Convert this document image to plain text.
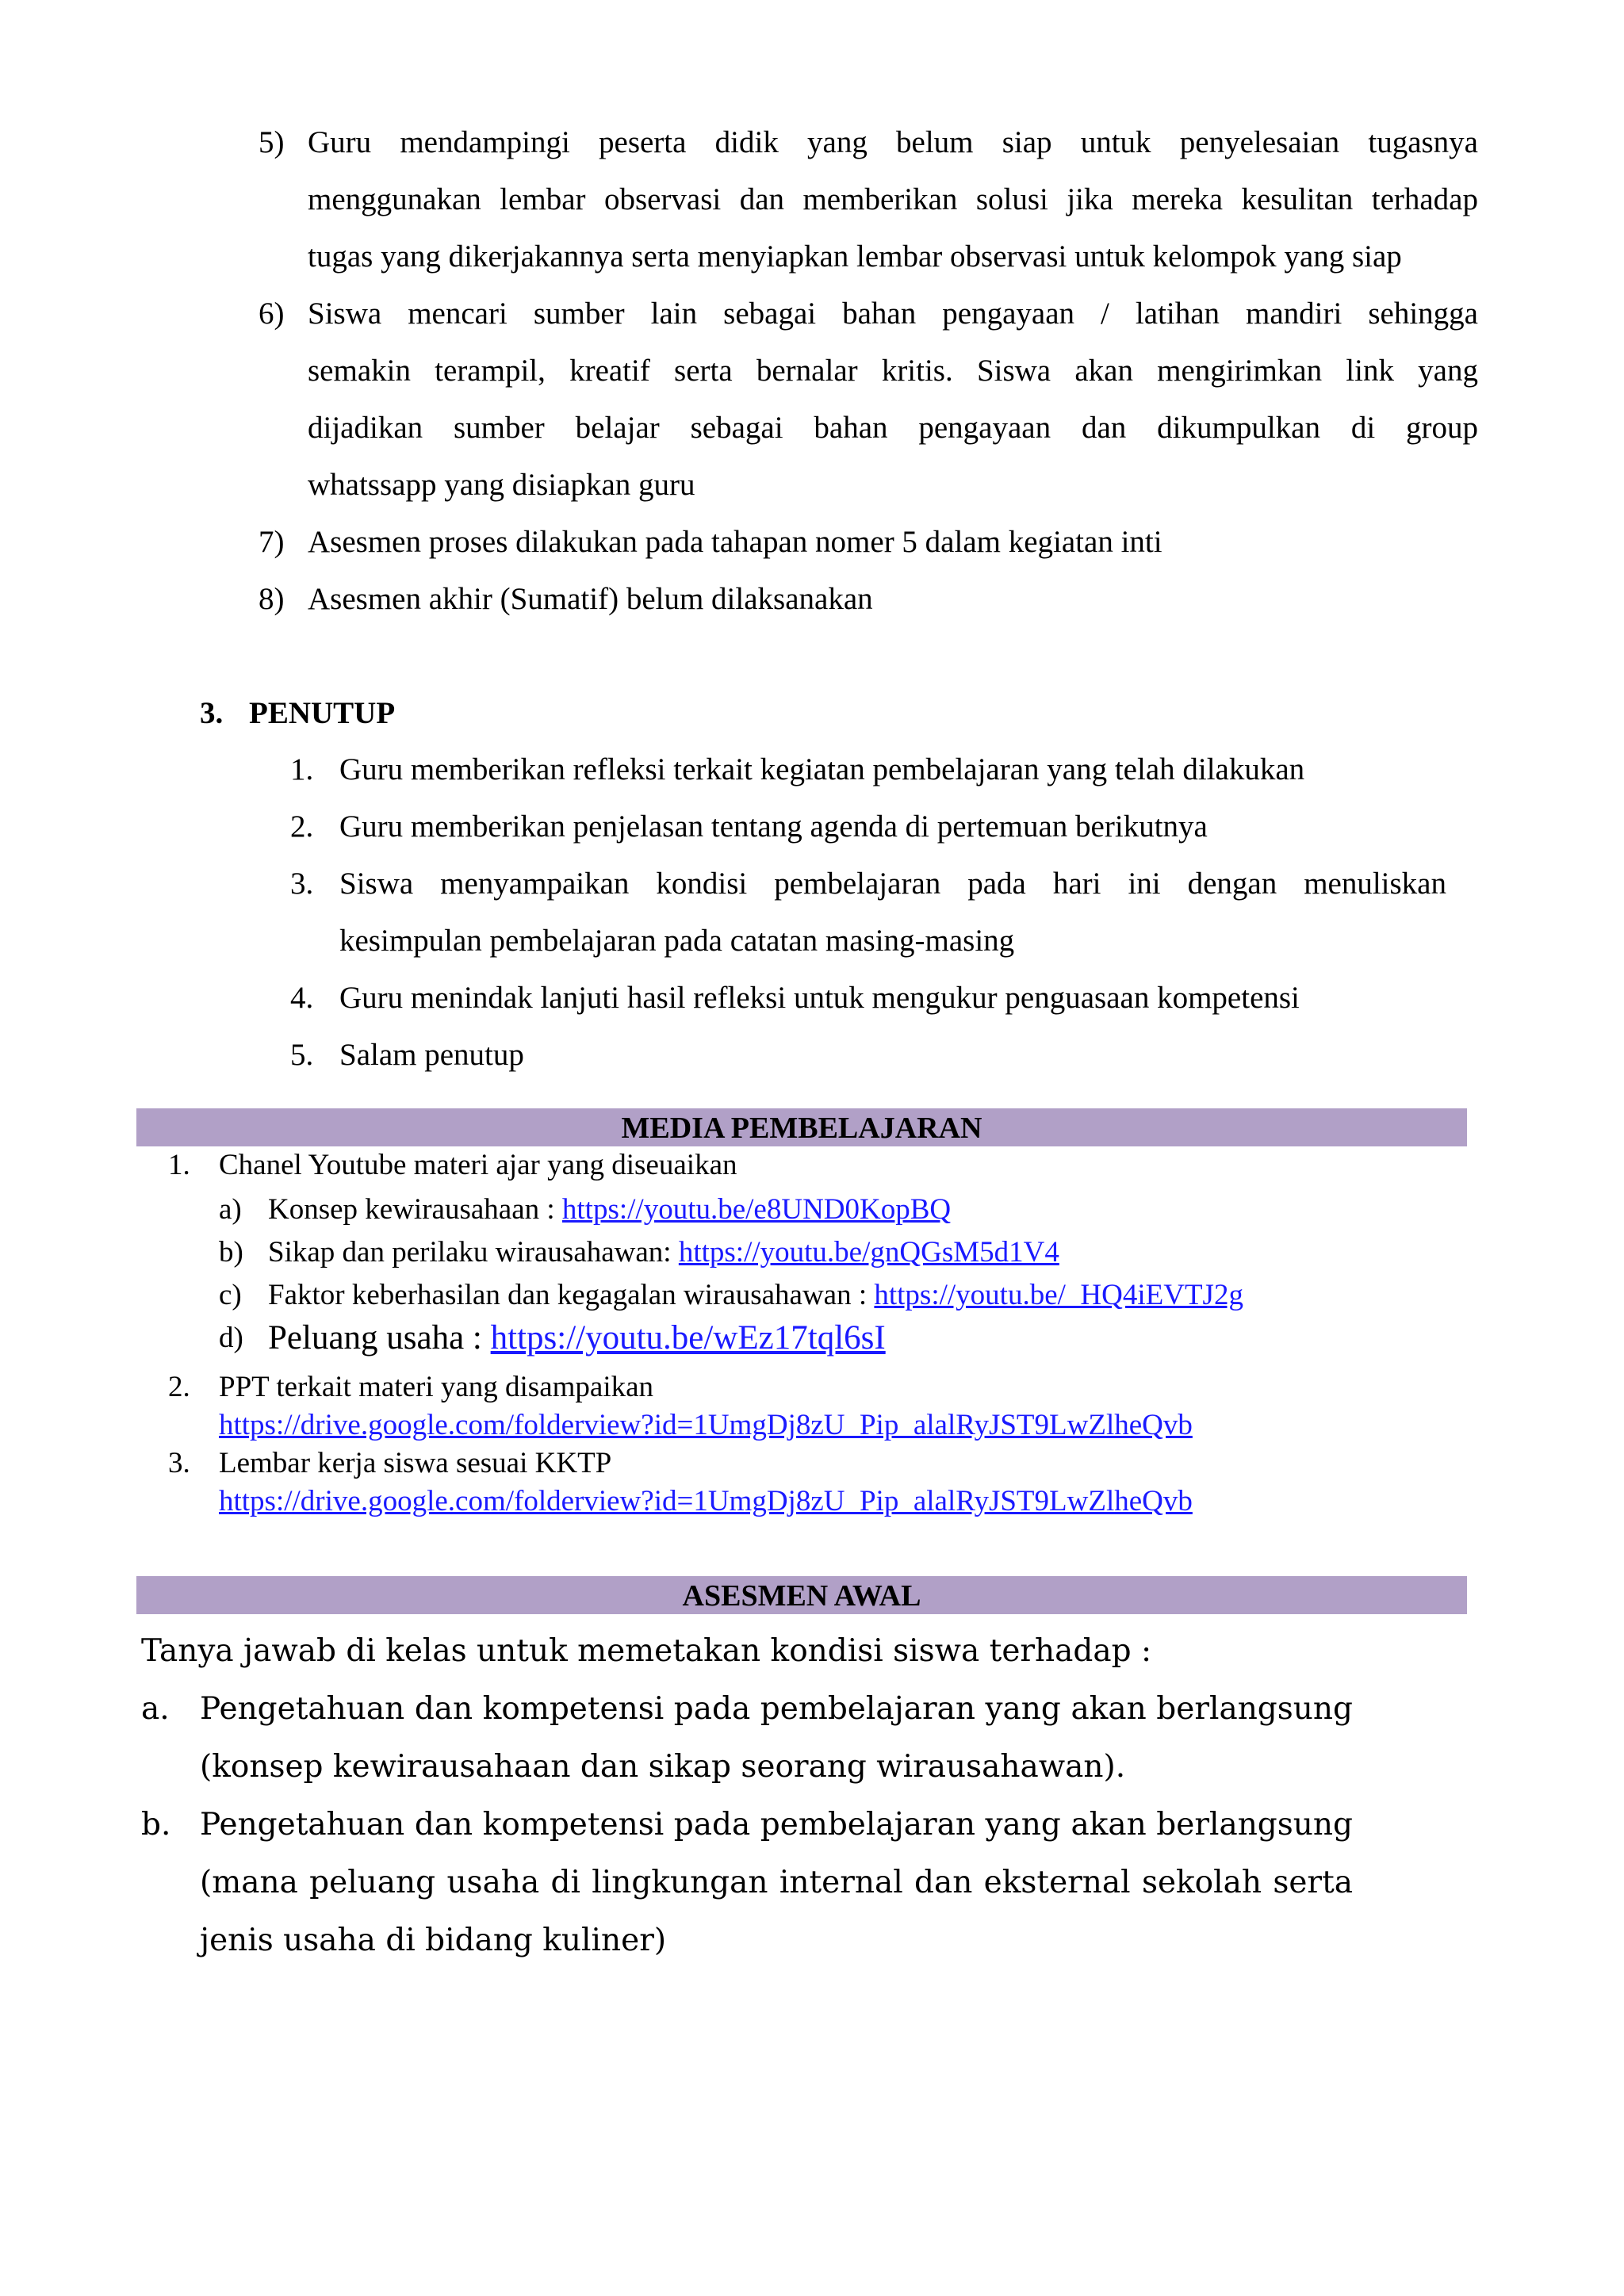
5) Guru mendampingi peserta didik yang belum siap untuk penyelesaian tugasnya
menggunakan lembar observasi dan memberikan solusi jika mereka kesulitan terhadap
tugas yang dikerjakannya serta menyiapkan lembar observasi untuk kelompok yang siap
6) Siswa mencari sumber lain sebagai bahan pengayaan / latihan mandiri sehingga
semakin terampil, kreatif serta bernalar kritis. Siswa akan mengirimkan link yang
dijadikan sumber belajar sebagai bahan pengayaan dan dikumpulkan di group
whatssapp yang disiapkan guru
7) Asesmen proses dilakukan pada tahapan nomer 5 dalam kegiatan inti
8) Asesmen akhir (Sumatif) belum dilaksanakan
3. PENUTUP
1. Guru memberikan refleksi terkait kegiatan pembelajaran yang telah dilakukan
2. Guru memberikan penjelasan tentang agenda di pertemuan berikutnya
3. Siswa menyampaikan kondisi pembelajaran pada hari ini dengan menuliskan
kesimpulan pembelajaran pada catatan masing-masing
4. Guru menindak lanjuti hasil refleksi untuk mengukur penguasaan kompetensi
5. Salam penutup
MEDIA PEMBELAJARAN
1. Chanel Youtube materi ajar yang diseuaikan
a) Konsep kewirausahaan : https://youtu.be/e8UND0KopBQ
b) Sikap dan perilaku wirausahawan: https://youtu.be/gnQGsM5d1V4
c) Faktor keberhasilan dan kegagalan wirausahawan : https://youtu.be/_HQ4iEVTJ2g
d) Peluang usaha : https://youtu.be/wEz17tql6sI
2. PPT terkait materi yang disampaikan
https://drive.google.com/folderview?id=1UmgDj8zU_Pip_alalRyJST9LwZlheQvb
3. Lembar kerja siswa sesuai KKTP
https://drive.google.com/folderview?id=1UmgDj8zU_Pip_alalRyJST9LwZlheQvb
ASESMEN AWAL
Tanya jawab di kelas untuk memetakan kondisi siswa terhadap :
a. Pengetahuan dan kompetensi pada pembelajaran yang akan berlangsung
(konsep kewirausahaan dan sikap seorang wirausahawan).
b. Pengetahuan dan kompetensi pada pembelajaran yang akan berlangsung
(mana peluang usaha di lingkungan internal dan eksternal sekolah serta
jenis usaha di bidang kuliner)
